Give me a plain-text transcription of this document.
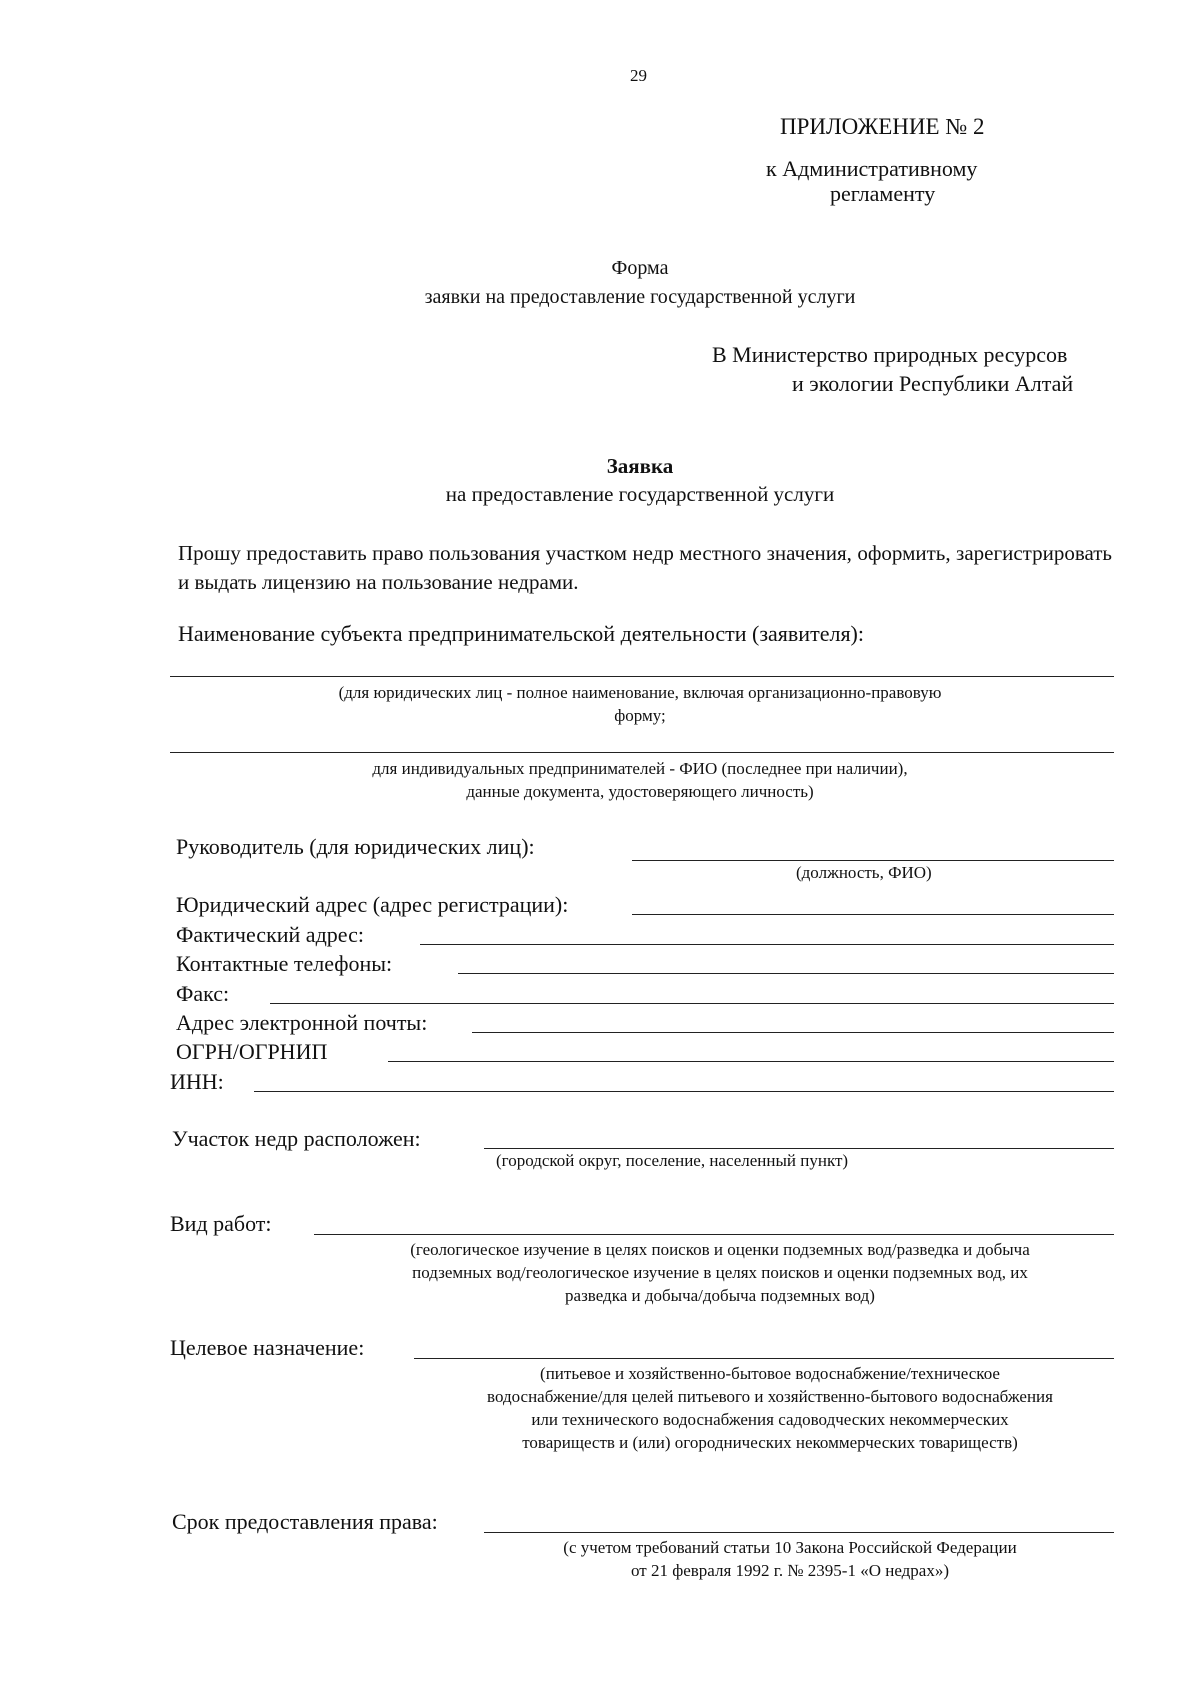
29
ПРИЛОЖЕНИЕ № 2
к Административному
регламенту
Форма
заявки на предоставление государственной услуги
В Министерство природных ресурсов
и экологии Республики Алтай
Заявка
на предоставление государственной услуги
Прошу предоставить право пользования участком недр местного значения, оформить, зарегистрировать и выдать лицензию на пользование недрами.
Наименование субъекта предпринимательской деятельности (заявителя):
(для юридических лиц - полное наименование, включая организационно-правовую
форму;
для индивидуальных предпринимателей - ФИО (последнее при наличии),
данные документа, удостоверяющего личность)
Руководитель (для юридических лиц):
(должность, ФИО)
Юридический адрес (адрес регистрации):
Фактический адрес:
Контактные телефоны:
Факс:
Адрес электронной почты:
ОГРН/ОГРНИП
ИНН:
Участок недр расположен:
(городской округ, поселение, населенный пункт)
Вид работ:
(геологическое изучение в целях поисков и оценки подземных вод/разведка и добыча
подземных вод/геологическое изучение в целях поисков и оценки подземных вод, их
разведка и добыча/добыча подземных вод)
Целевое назначение:
(питьевое и хозяйственно-бытовое водоснабжение/техническое
водоснабжение/для целей питьевого и хозяйственно-бытового водоснабжения
или технического водоснабжения садоводческих некоммерческих
товариществ и (или) огороднических некоммерческих товариществ)
Срок предоставления права:
(с учетом требований статьи 10 Закона Российской Федерации
от 21 февраля 1992 г. № 2395-1 «О недрах»)
